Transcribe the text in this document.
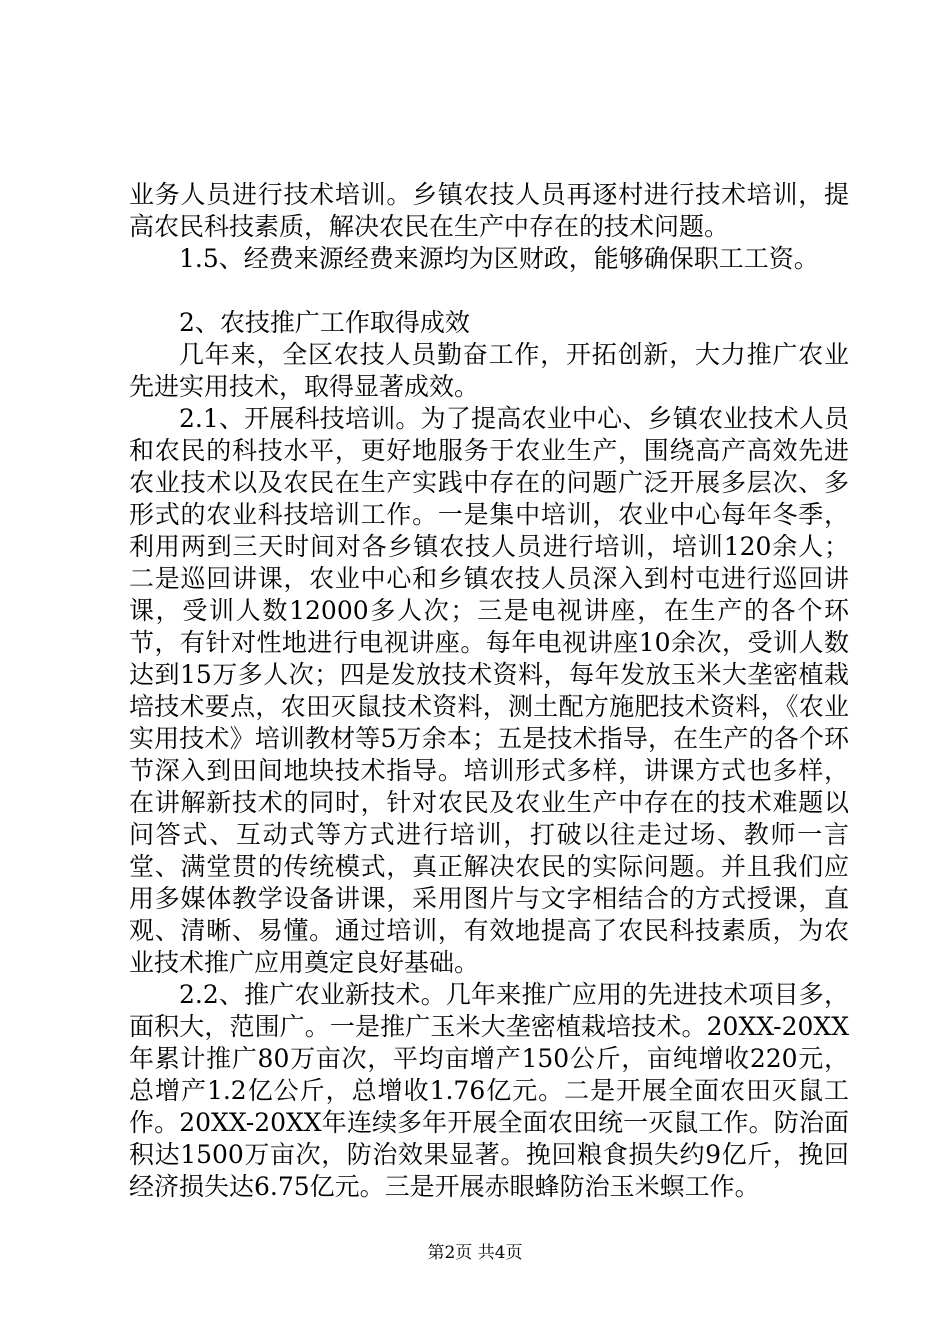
业务人员进行技术培训。乡镇农技人员再逐村进行技术培训，提高农民科技素质，解决农民在生产中存在的技术问题。

1.5、经费来源经费来源均为区财政，能够确保职工工资。

2、农技推广工作取得成效

几年来，全区农技人员勤奋工作，开拓创新，大力推广农业先进实用技术，取得显著成效。

2.1、开展科技培训。为了提高农业中心、乡镇农业技术人员和农民的科技水平，更好地服务于农业生产，围绕高产高效先进农业技术以及农民在生产实践中存在的问题广泛开展多层次、多形式的农业科技培训工作。一是集中培训，农业中心每年冬季，利用两到三天时间对各乡镇农技人员进行培训，培训120余人；二是巡回讲课，农业中心和乡镇农技人员深入到村屯进行巡回讲课，受训人数12000多人次；三是电视讲座，在生产的各个环节，有针对性地进行电视讲座。每年电视讲座10余次，受训人数达到15万多人次；四是发放技术资料，每年发放玉米大垄密植栽培技术要点，农田灭鼠技术资料，测土配方施肥技术资料，《农业实用技术》培训教材等5万余本；五是技术指导，在生产的各个环节深入到田间地块技术指导。培训形式多样，讲课方式也多样，在讲解新技术的同时，针对农民及农业生产中存在的技术难题以问答式、互动式等方式进行培训，打破以往走过场、教师一言堂、满堂贯的传统模式，真正解决农民的实际问题。并且我们应用多媒体教学设备讲课，采用图片与文字相结合的方式授课，直观、清晰、易懂。通过培训，有效地提高了农民科技素质，为农业技术推广应用奠定良好基础。

2.2、推广农业新技术。几年来推广应用的先进技术项目多，面积大，范围广。一是推广玉米大垄密植栽培技术。20XX-20XX年累计推广80万亩次，平均亩增产150公斤，亩纯增收220元，总增产1.2亿公斤，总增收1.76亿元。二是开展全面农田灭鼠工作。20XX-20XX年连续多年开展全面农田统一灭鼠工作。防治面积达1500万亩次，防治效果显著。挽回粮食损失约9亿斤，挽回经济损失达6.75亿元。三是开展赤眼蜂防治玉米螟工作。

第2页 共4页
